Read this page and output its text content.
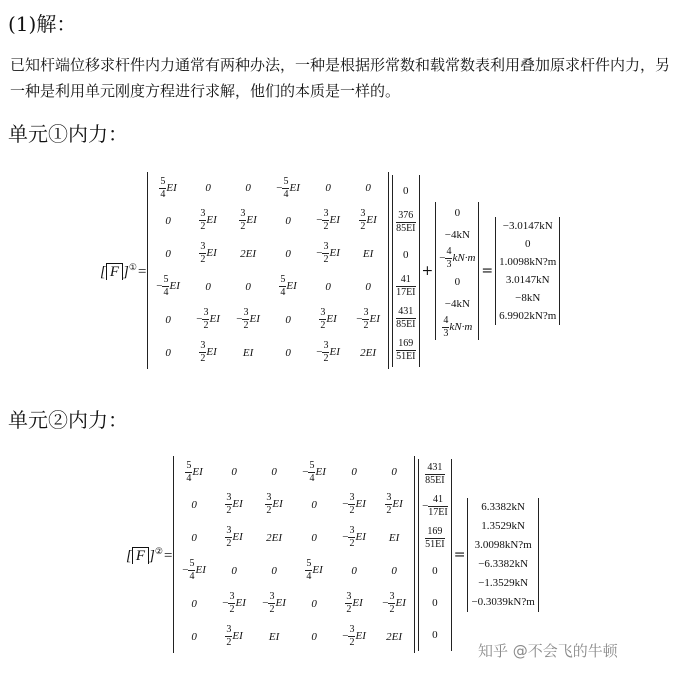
(1)解：
已知杆端位移求杆件内力通常有两种办法，一种是根据形常数和载常数表利用叠加原求杆件内力，另一种是利用单元刚度方程进行求解，他们的本质是一样的。
单元①内力：
[ F ]①=	
$\frac{5}{4}$ EI	0	0	− $\frac{5}{4}$ EI	0	0
0	$\frac{3}{2}$ EI	$\frac{3}{2}$ EI	0	− $\frac{3}{2}$ EI	$\frac{3}{2}$ EI
0	$\frac{3}{2}$ EI	2EI	0	− $\frac{3}{2}$ EI	EI
− $\frac{5}{4}$ EI	0	0	$\frac{5}{4}$ EI	0	0
0	− $\frac{3}{2}$ EI	− $\frac{3}{2}$ EI	0	$\frac{3}{2}$ EI	− $\frac{3}{2}$ EI
0	$\frac{3}{2}$ EI	EI	0	− $\frac{3}{2}$ EI	2EI

0

$\frac{376}{85EI}$

0

$\frac{41}{17EI}$

$\frac{431}{85EI}$

$\frac{169}{51EI}$
	+	
0
−4kN
− $\frac{4}{3} kN\cdot m$
0
−4kN

$\frac{4}{3} kN\cdot m$
	=	
−3.0147kN
0
1.0098kN?m
3.0147kN
−8kN
6.9902kN?m
单元②内力：
[ F ]②=	
$\frac{5}{4}$ EI	0	0	− $\frac{5}{4}$ EI	0	0
0	$\frac{3}{2}$ EI	$\frac{3}{2}$ EI	0	− $\frac{3}{2}$ EI	$\frac{3}{2}$ EI
0	$\frac{3}{2}$ EI	2EI	0	− $\frac{3}{2}$ EI	EI
− $\frac{5}{4}$ EI	0	0	$\frac{5}{4}$ EI	0	0
0	− $\frac{3}{2}$ EI	− $\frac{3}{2}$ EI	0	$\frac{3}{2}$ EI	− $\frac{3}{2}$ EI
0	$\frac{3}{2}$ EI	EI	0	− $\frac{3}{2}$ EI	2EI

$\frac{431}{85EI}$

− $\frac{41}{17EI}$

$\frac{169}{51EI}$

0
0
0
	=	
6.3382kN
1.3529kN
3.0098kN?m
−6.3382kN
−1.3529kN
−0.3039kN?m
知乎 @不会飞的牛顿
